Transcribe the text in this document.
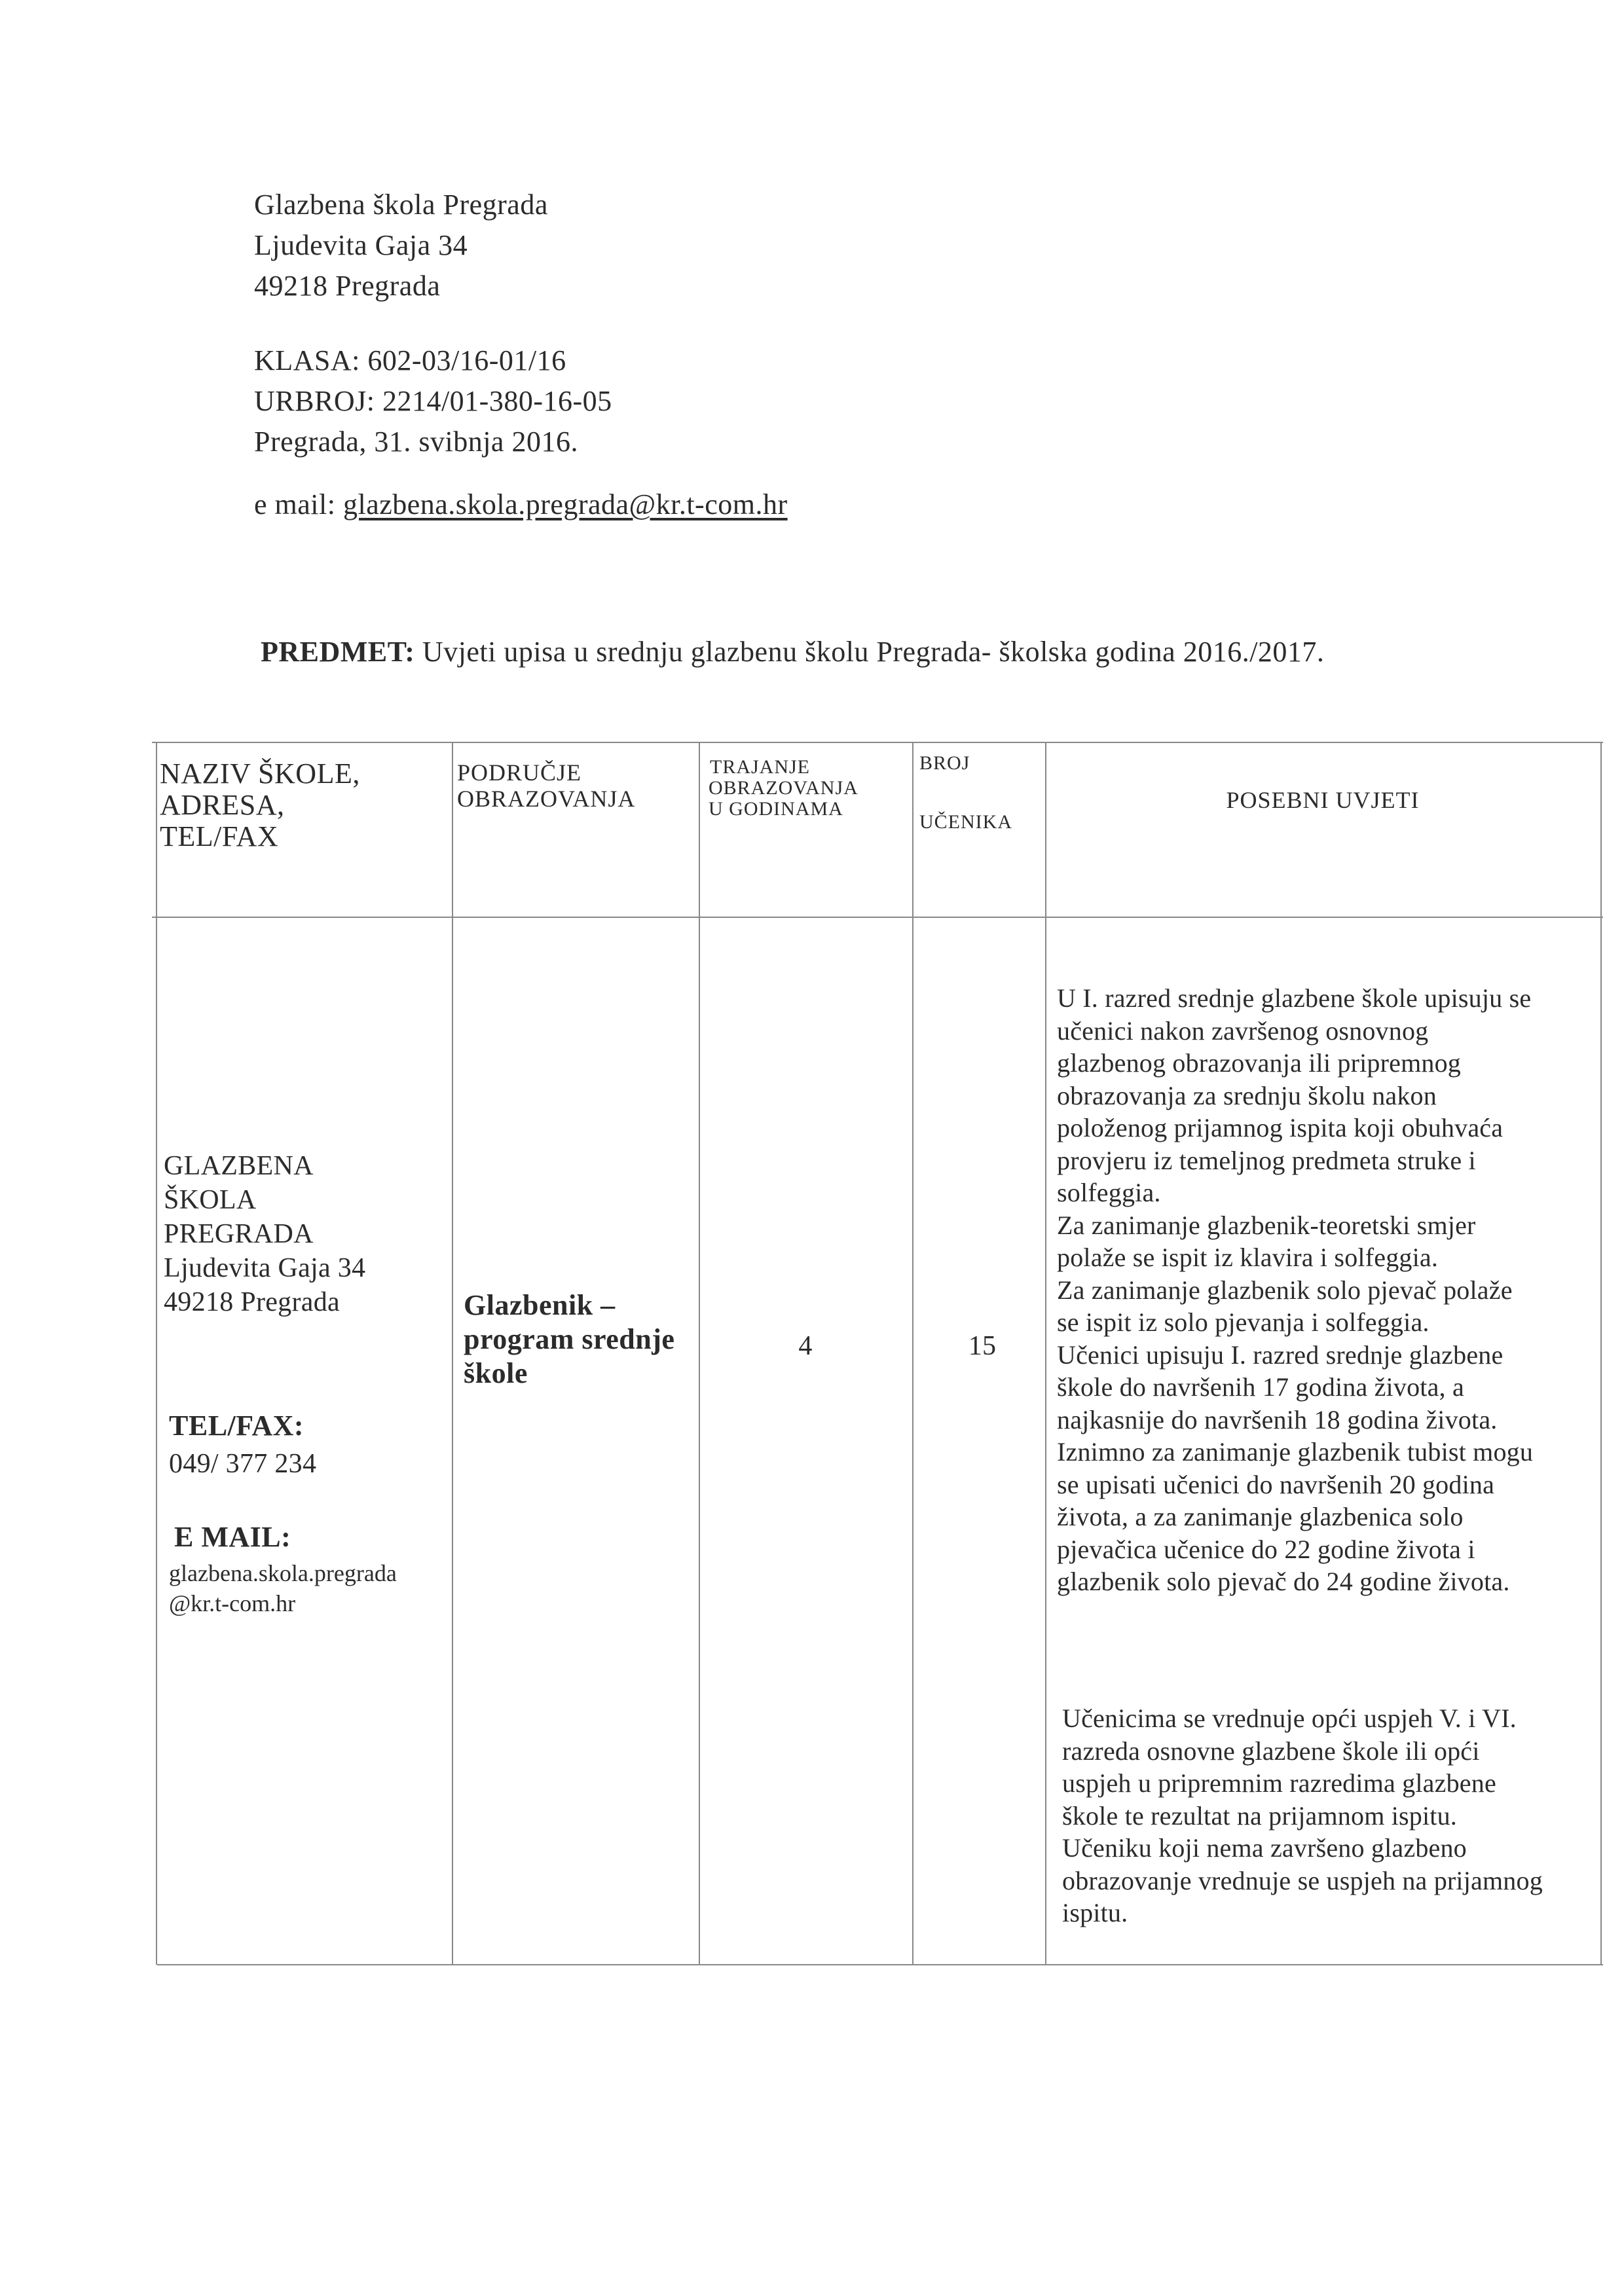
Glazbena škola Pregrada
Ljudevita Gaja 34
49218 Pregrada
KLASA: 602-03/16-01/16
URBROJ: 2214/01-380-16-05
Pregrada, 31. svibnja 2016.
e mail: glazbena.skola.pregrada@kr.t-com.hr
PREDMET: Uvjeti upisa u srednju glazbenu školu Pregrada- školska godina 2016./2017.
NAZIV ŠKOLE,
ADRESA,
TEL/FAX
PODRUČJE
OBRAZOVANJA
TRAJANJE
OBRAZOVANJA
U GODINAMA
BROJ
UČENIKA
POSEBNI UVJETI
GLAZBENA
ŠKOLA
PREGRADA
Ljudevita Gaja 34
49218 Pregrada
TEL/FAX:
049/ 377 234
E MAIL:
glazbena.skola.pregrada
@kr.t-com.hr
Glazbenik –
program srednje
škole
4	15
U I. razred srednje glazbene škole upisuju se
učenici nakon završenog osnovnog
glazbenog obrazovanja ili pripremnog
obrazovanja za srednju školu nakon
položenog prijamnog ispita koji obuhvaća
provjeru iz temeljnog predmeta struke i
solfeggia.
Za zanimanje glazbenik-teoretski smjer
polaže se ispit iz klavira i solfeggia.
Za zanimanje glazbenik solo pjevač polaže
se ispit iz solo pjevanja i solfeggia.
Učenici upisuju I. razred srednje glazbene
škole do navršenih 17 godina života, a
najkasnije do navršenih 18 godina života.
Iznimno za zanimanje glazbenik tubist mogu
se upisati učenici do navršenih 20 godina
života, a za zanimanje glazbenica solo
pjevačica učenice do 22 godine života i
glazbenik solo pjevač do 24 godine života.
Učenicima se vrednuje opći uspjeh V. i VI.
razreda osnovne glazbene škole ili opći
uspjeh u pripremnim razredima glazbene
škole te rezultat na prijamnom ispitu.
Učeniku koji nema završeno glazbeno
obrazovanje vrednuje se uspjeh na prijamnog
ispitu.
